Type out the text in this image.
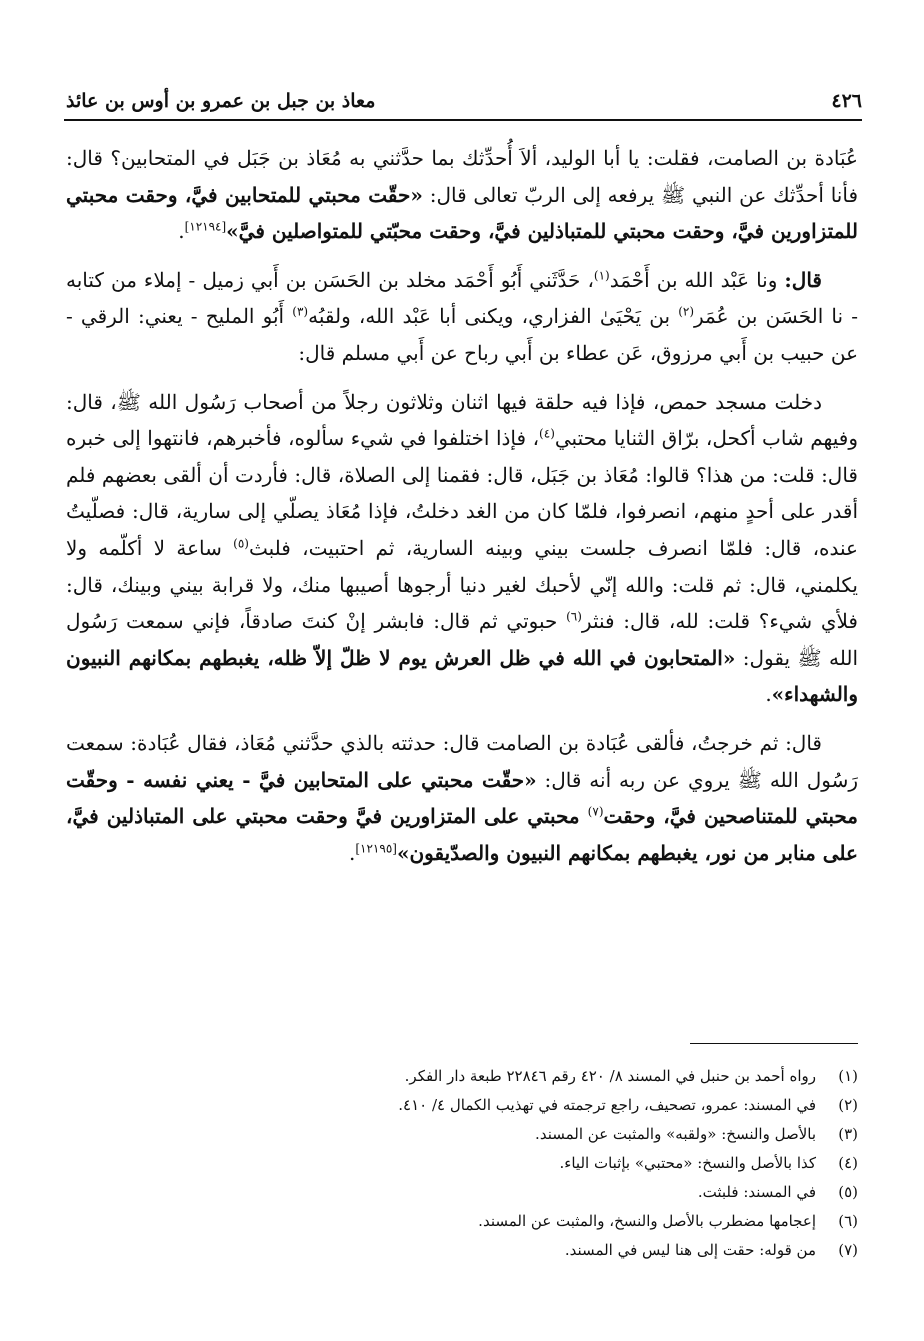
٤٢٦
معاذ بن جبل بن عمرو بن أوس بن عائذ

عُبَادة بن الصامت، فقلت: يا أبا الوليد، ألاَ أُحدِّثك بما حدَّثني به مُعَاذ بن جَبَل في المتحابين؟ قال: فأنا أحدِّثك عن النبي ﷺ يرفعه إلى الربّ تعالى قال: «حقّت محبتي للمتحابين فيَّ، وحقت محبتي للمتزاورين فيَّ، وحقت محبتي للمتباذلين فيَّ، وحقت محبّتي للمتواصلين فيَّ»[١٢١٩٤].

قال: ونا عَبْد الله بن أَحْمَد$^{(١)}$، حَدَّثَني أَبُو أَحْمَد مخلد بن الحَسَن بن أَبي زميل - إملاء من كتابه - نا الحَسَن بن عُمَر$^{(٢)}$ بن يَحْيَىٰ الفزاري، ويكنى أبا عَبْد الله، ولقبُه$^{(٣)}$ أَبُو المليح - يعني: الرقي - عن حبيب بن أَبي مرزوق، عَن عطاء بن أَبي رباح عن أَبي مسلم قال:

دخلت مسجد حمص، فإذا فيه حلقة فيها اثنان وثلاثون رجلاً من أصحاب رَسُول الله ﷺ، قال: وفيهم شاب أكحل، برّاق الثنايا محتبي$^{(٤)}$، فإذا اختلفوا في شيء سألوه، فأخبرهم، فانتهوا إلى خبره قال: قلت: من هذا؟ قالوا: مُعَاذ بن جَبَل، قال: فقمنا إلى الصلاة، قال: فأردت أن ألقى بعضهم فلم أقدر على أحدٍ منهم، انصرفوا، فلمّا كان من الغد دخلتُ، فإذا مُعَاذ يصلّي إلى سارية، قال: فصلّيتُ عنده، قال: فلمّا انصرف جلست بيني وبينه السارية، ثم احتبيت، فلبث$^{(٥)}$ ساعة لا أكلّمه ولا يكلمني، قال: ثم قلت: والله إنّي لأحبك لغير دنيا أرجوها أصيبها منك، ولا قرابة بيني وبينك، قال: فلأي شيء؟ قلت: لله، قال: فنثر$^{(٦)}$ حبوتي ثم قال: فابشر إنْ كنتَ صادقاً، فإني سمعت رَسُول الله ﷺ يقول: «المتحابون في الله في ظل العرش يوم لا ظلّ إلاّ ظله، يغبطهم بمكانهم النبيون والشهداء».

قال: ثم خرجتُ، فألقى عُبَادة بن الصامت قال: حدثته بالذي حدَّثني مُعَاذ، فقال عُبَادة: سمعت رَسُول الله ﷺ يروي عن ربه أنه قال: «حقّت محبتي على المتحابين فيَّ - يعني نفسه - وحقّت محبتي للمتناصحين فيَّ، وحقت$^{(٧)}$ محبتي على المتزاورين فيَّ وحقت محبتي على المتباذلين فيَّ، على منابر من نور، يغبطهم بمكانهم النبيون والصدّيقون»[١٢١٩٥].

(١)
رواه أحمد بن حنبل في المسند ٨/ ٤٢٠ رقم ٢٢٨٤٦ طبعة دار الفكر.
(٢)
في المسند: عمرو، تصحيف، راجع ترجمته في تهذيب الكمال ٤/ ٤١٠.
(٣)
بالأصل والنسخ: «ولقبه» والمثبت عن المسند.
(٤)
كذا بالأصل والنسخ: «محتبي» بإثبات الياء.
(٥)
في المسند: فلبثت.
(٦)
إعجامها مضطرب بالأصل والنسخ، والمثبت عن المسند.
(٧)
من قوله: حقت إلى هنا ليس في المسند.
